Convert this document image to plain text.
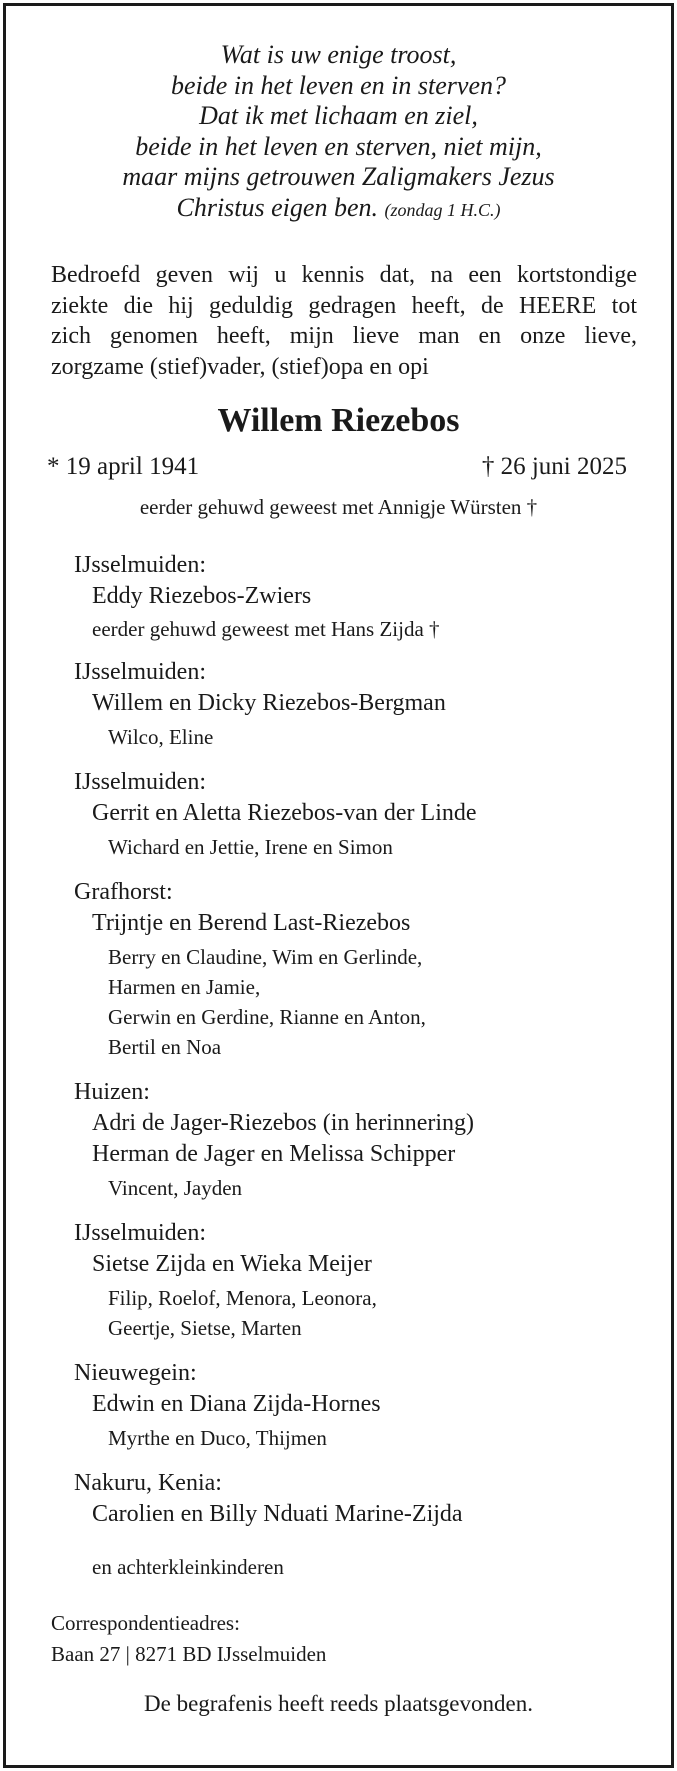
Wat is uw enige troost,
beide in het leven en in sterven?
Dat ik met lichaam en ziel,
beide in het leven en sterven, niet mijn,
maar mijns getrouwen Zaligmakers Jezus
Christus eigen ben. (zondag 1 H.C.)
Bedroefd geven wij u kennis dat, na een kortstondige
ziekte die hij geduldig gedragen heeft, de HEERE tot
zich genomen heeft, mijn lieve man en onze lieve,
zorgzame (stief)vader, (stief)opa en opi
Willem Riezebos
* 19 april 1941	† 26 juni 2025
eerder gehuwd geweest met Annigje Würsten †
IJsselmuiden:
Eddy Riezebos-Zwiers
eerder gehuwd geweest met Hans Zijda †
IJsselmuiden:
Willem en Dicky Riezebos-Bergman
Wilco, Eline
IJsselmuiden:
Gerrit en Aletta Riezebos-van der Linde
Wichard en Jettie, Irene en Simon
Grafhorst:
Trijntje en Berend Last-Riezebos
Berry en Claudine, Wim en Gerlinde,
Harmen en Jamie,
Gerwin en Gerdine, Rianne en Anton,
Bertil en Noa
Huizen:
Adri de Jager-Riezebos (in herinnering)
Herman de Jager en Melissa Schipper
Vincent, Jayden
IJsselmuiden:
Sietse Zijda en Wieka Meijer
Filip, Roelof, Menora, Leonora,
Geertje, Sietse, Marten
Nieuwegein:
Edwin en Diana Zijda-Hornes
Myrthe en Duco, Thijmen
Nakuru, Kenia:
Carolien en Billy Nduati Marine-Zijda
en achterkleinkinderen
Correspondentieadres:
Baan 27 | 8271 BD IJsselmuiden
De begrafenis heeft reeds plaatsgevonden.
